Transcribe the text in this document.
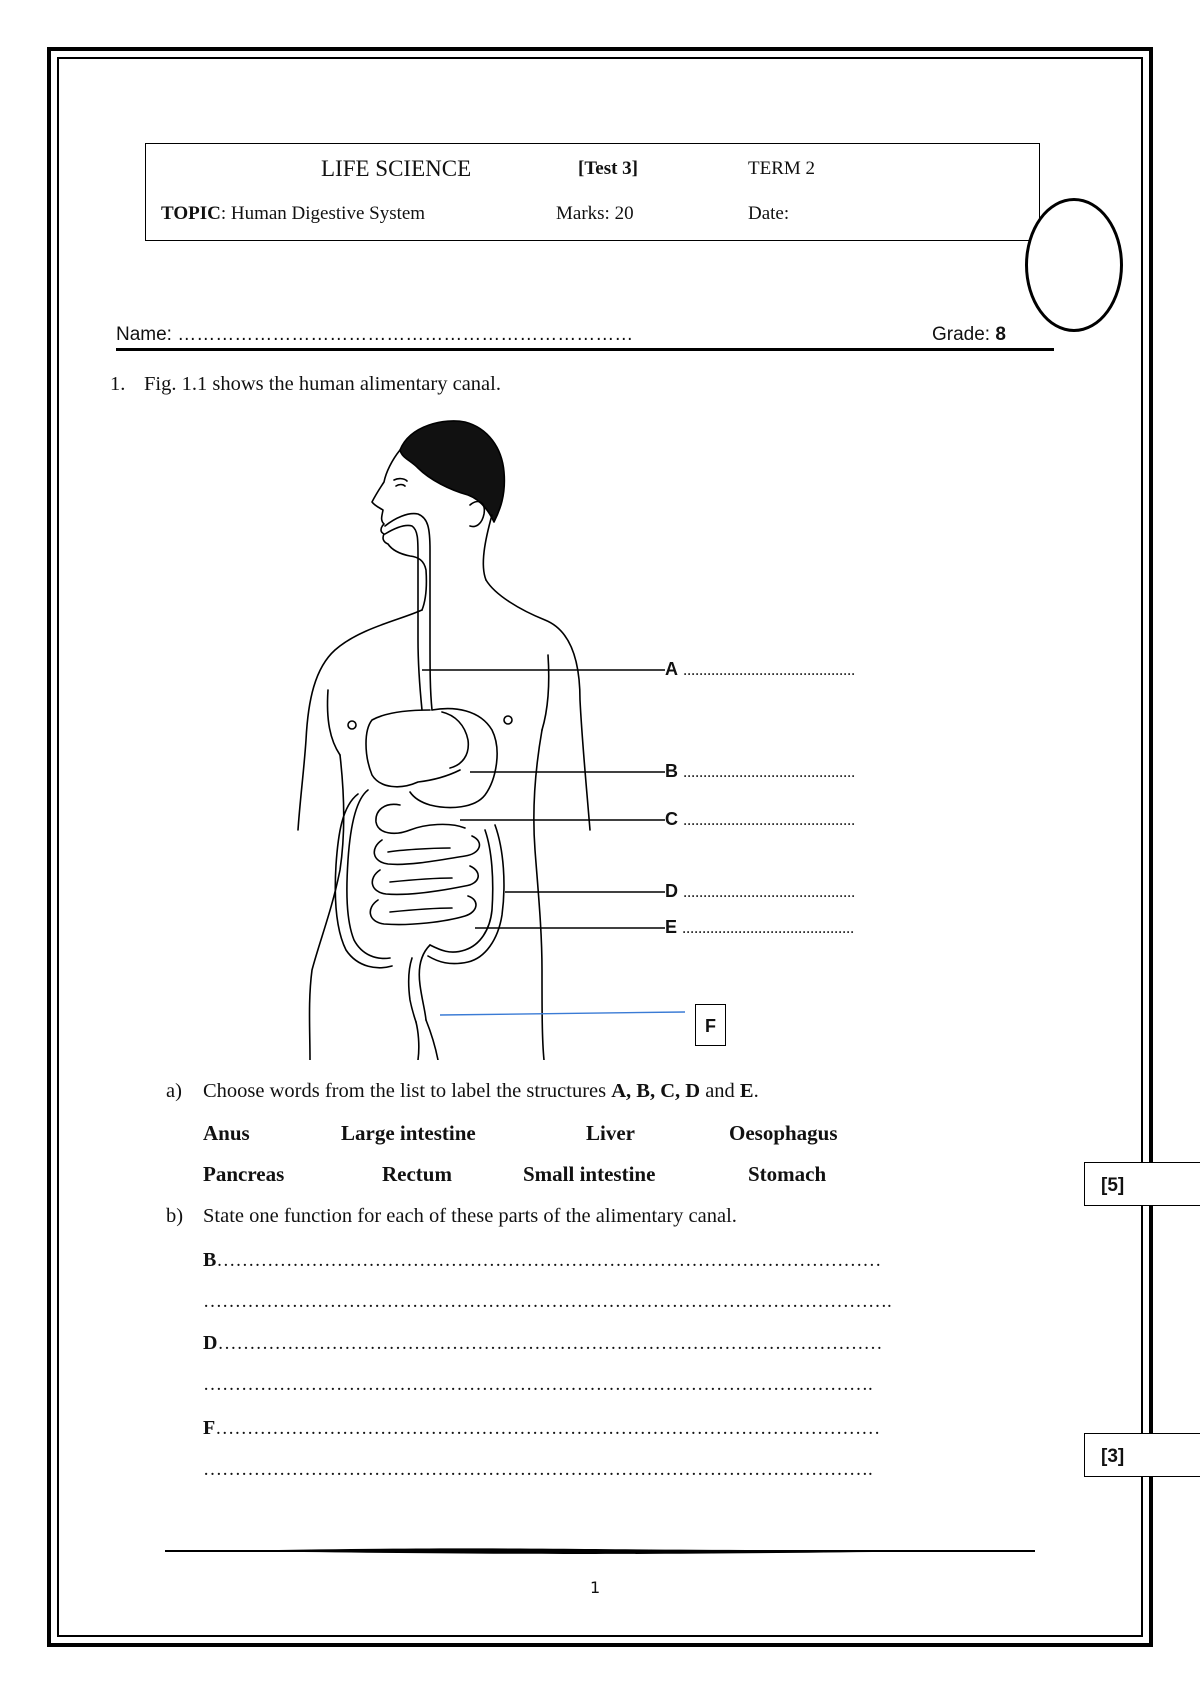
LIFE SCIENCE	[Test 3]	TERM 2
TOPIC: Human Digestive System	Marks: 20	Date:
Name: ………………………………………………………………	Grade: 8
1. Fig. 1.1 shows the human alimentary canal.
A ...........................................
B ...........................................
C ...........................................
D ...........................................
E ...........................................
F
a) Choose words from the list to label the structures A, B, C, D and E.
Anus	Large intestine	Liver	Oesophagus
Pancreas	Rectum	Small intestine	Stomach	[5]
b) State one function for each of these parts of the alimentary canal.
B……………………………………………………………………………………………
……………………………………………………………………………………………….
D……………………………………………………………………………………………
…………………………………………………………………………………………….
F……………………………………………………………………………………………
…………………………………………………………………………………………….
[3]
1
